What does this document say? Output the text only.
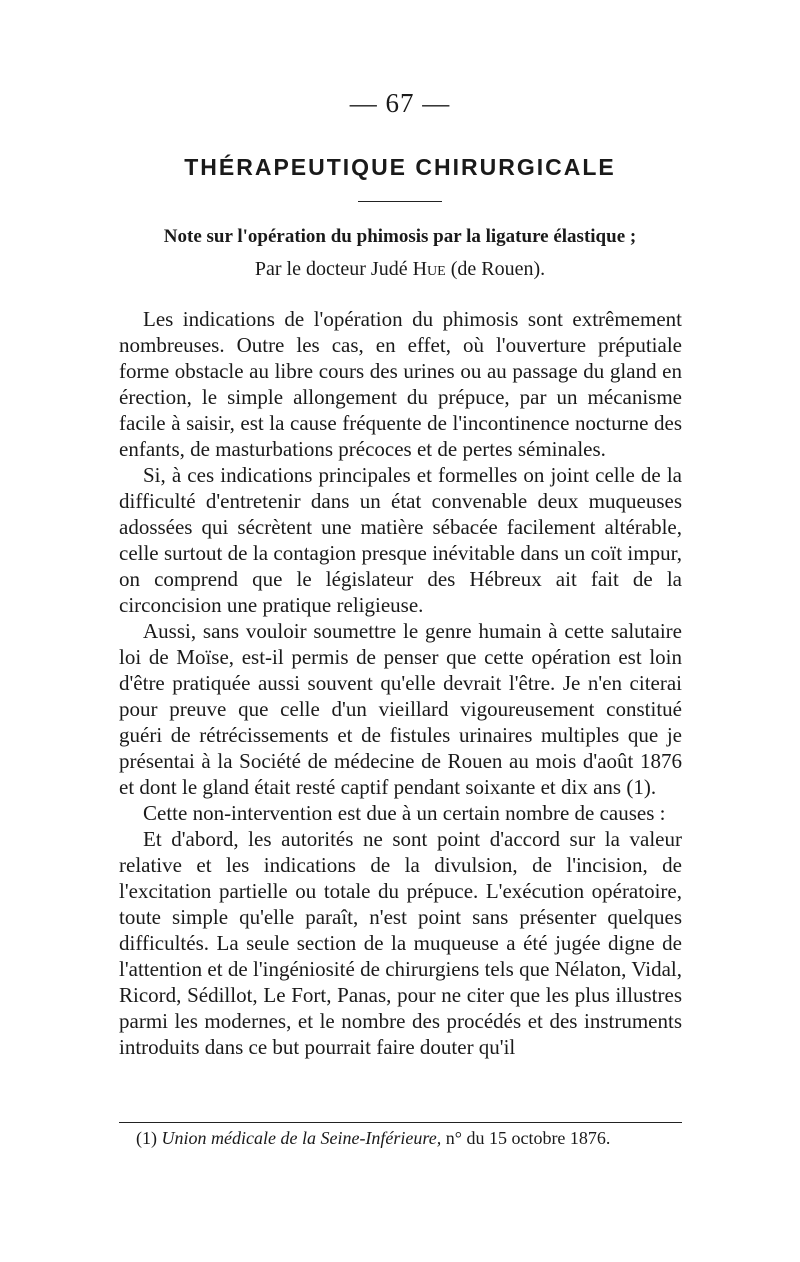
— 67 —
THÉRAPEUTIQUE CHIRURGICALE
Note sur l'opération du phimosis par la ligature élastique ;
Par le docteur Judé Hue (de Rouen).

Les indications de l'opération du phimosis sont extrêmement nombreuses. Outre les cas, en effet, où l'ouverture préputiale forme obstacle au libre cours des urines ou au passage du gland en érection, le simple allongement du prépuce, par un mécanisme facile à saisir, est la cause fréquente de l'incontinence nocturne des enfants, de masturbations précoces et de pertes séminales.

Si, à ces indications principales et formelles on joint celle de la difficulté d'entretenir dans un état convenable deux muqueuses adossées qui sécrètent une matière sébacée facilement altérable, celle surtout de la contagion presque inévitable dans un coït impur, on comprend que le législateur des Hébreux ait fait de la circoncision une pratique religieuse.

Aussi, sans vouloir soumettre le genre humain à cette salutaire loi de Moïse, est-il permis de penser que cette opération est loin d'être pratiquée aussi souvent qu'elle devrait l'être. Je n'en citerai pour preuve que celle d'un vieillard vigoureusement constitué guéri de rétrécissements et de fistules urinaires multiples que je présentai à la Société de médecine de Rouen au mois d'août 1876 et dont le gland était resté captif pendant soixante et dix ans (1).

Cette non-intervention est due à un certain nombre de causes :

Et d'abord, les autorités ne sont point d'accord sur la valeur relative et les indications de la divulsion, de l'incision, de l'excitation partielle ou totale du prépuce. L'exécution opératoire, toute simple qu'elle paraît, n'est point sans présenter quelques difficultés. La seule section de la muqueuse a été jugée digne de l'attention et de l'ingéniosité de chirurgiens tels que Nélaton, Vidal, Ricord, Sédillot, Le Fort, Panas, pour ne citer que les plus illustres parmi les modernes, et le nombre des procédés et des instruments introduits dans ce but pourrait faire douter qu'il

(1) Union médicale de la Seine-Inférieure, n° du 15 octobre 1876.
